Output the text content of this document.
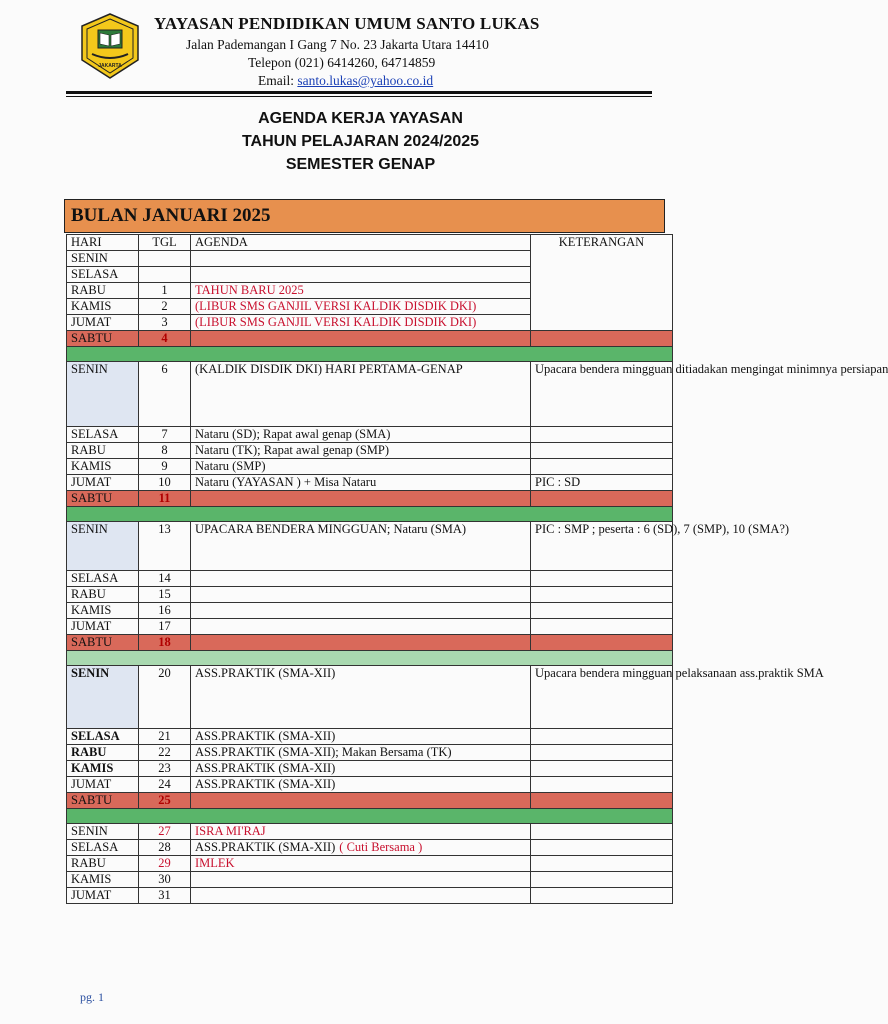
JAKARTA
YAYASAN PENDIDIKAN UMUM SANTO LUKAS
Jalan Pademangan I Gang 7 No. 23 Jakarta Utara 14410
Telepon (021) 6414260, 64714859
Email: santo.lukas@yahoo.co.id
AGENDA KERJA YAYASAN
TAHUN PELAJARAN 2024/2025
SEMESTER GENAP
BULAN JANUARI 2025
HARI	TGL	AGENDA	KETERANGAN
SENIN			
SELASA			
RABU	1	TAHUN BARU 2025	
KAMIS	2	(LIBUR SMS GANJIL VERSI KALDIK DISDIK DKI)	
JUMAT	3	(LIBUR SMS GANJIL VERSI KALDIK DISDIK DKI)	
SABTU	4		

SENIN	6	(KALDIK DISDIK DKI) HARI PERTAMA-GENAP	Upacara bendera mingguan ditiadakan mengingat minimnya persiapan
SELASA	7	Nataru (SD); Rapat awal genap (SMA)	
RABU	8	Nataru (TK); Rapat awal genap (SMP)	
KAMIS	9	Nataru (SMP)	
JUMAT	10	Nataru (YAYASAN ) + Misa Nataru	PIC : SD
SABTU	11		

SENIN	13	UPACARA BENDERA MINGGUAN; Nataru (SMA)	PIC : SMP ; peserta : 6 (SD), 7 (SMP), 10 (SMA?)
SELASA	14		
RABU	15		
KAMIS	16		
JUMAT	17		
SABTU	18		

SENIN	20	ASS.PRAKTIK (SMA-XII)	Upacara bendera mingguan pelaksanaan ass.praktik SMA
SELASA	21	ASS.PRAKTIK (SMA-XII)	
RABU	22	ASS.PRAKTIK (SMA-XII); Makan Bersama (TK)	
KAMIS	23	ASS.PRAKTIK (SMA-XII)	
JUMAT	24	ASS.PRAKTIK (SMA-XII)	
SABTU	25		

SENIN	27	ISRA MI'RAJ	
SELASA	28	ASS.PRAKTIK (SMA-XII) ( Cuti Bersama )	
RABU	29	IMLEK	
KAMIS	30		
JUMAT	31		
pg. 1
